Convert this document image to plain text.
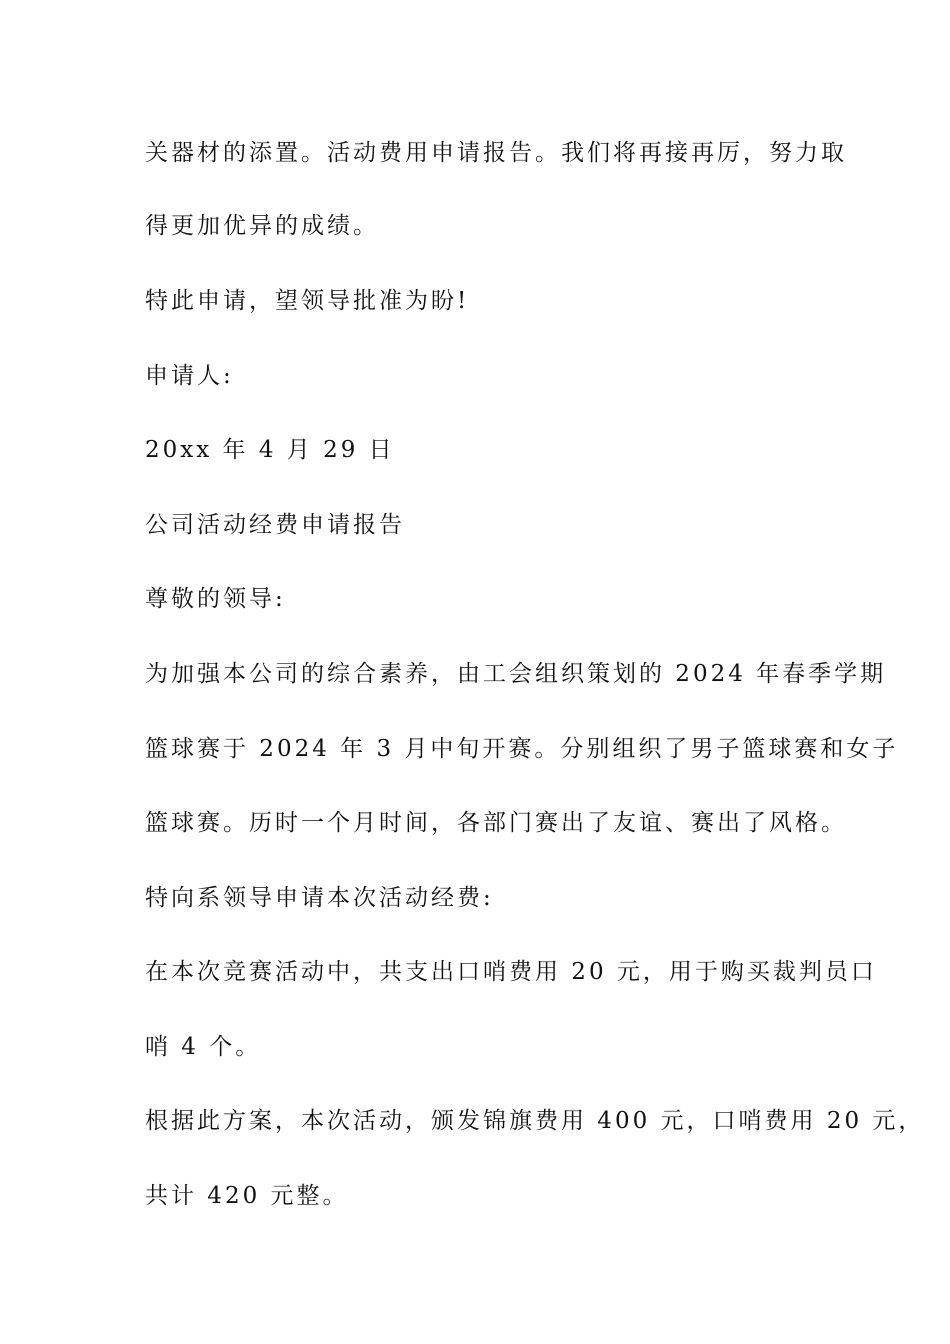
关器材的添置。活动费用申请报告。我们将再接再厉，努力取

得更加优异的成绩。

特此申请，望领导批准为盼!

申请人:

20xx 年 4 月 29 日

公司活动经费申请报告

尊敬的领导:

为加强本公司的综合素养，由工会组织策划的 2024 年春季学期

篮球赛于 2024 年 3 月中旬开赛。分别组织了男子篮球赛和女子

篮球赛。历时一个月时间，各部门赛出了友谊、赛出了风格。

特向系领导申请本次活动经费:

在本次竞赛活动中，共支出口哨费用 20 元，用于购买裁判员口

哨 4 个。

根据此方案，本次活动，颁发锦旗费用 400 元，口哨费用 20 元，

共计 420 元整。
